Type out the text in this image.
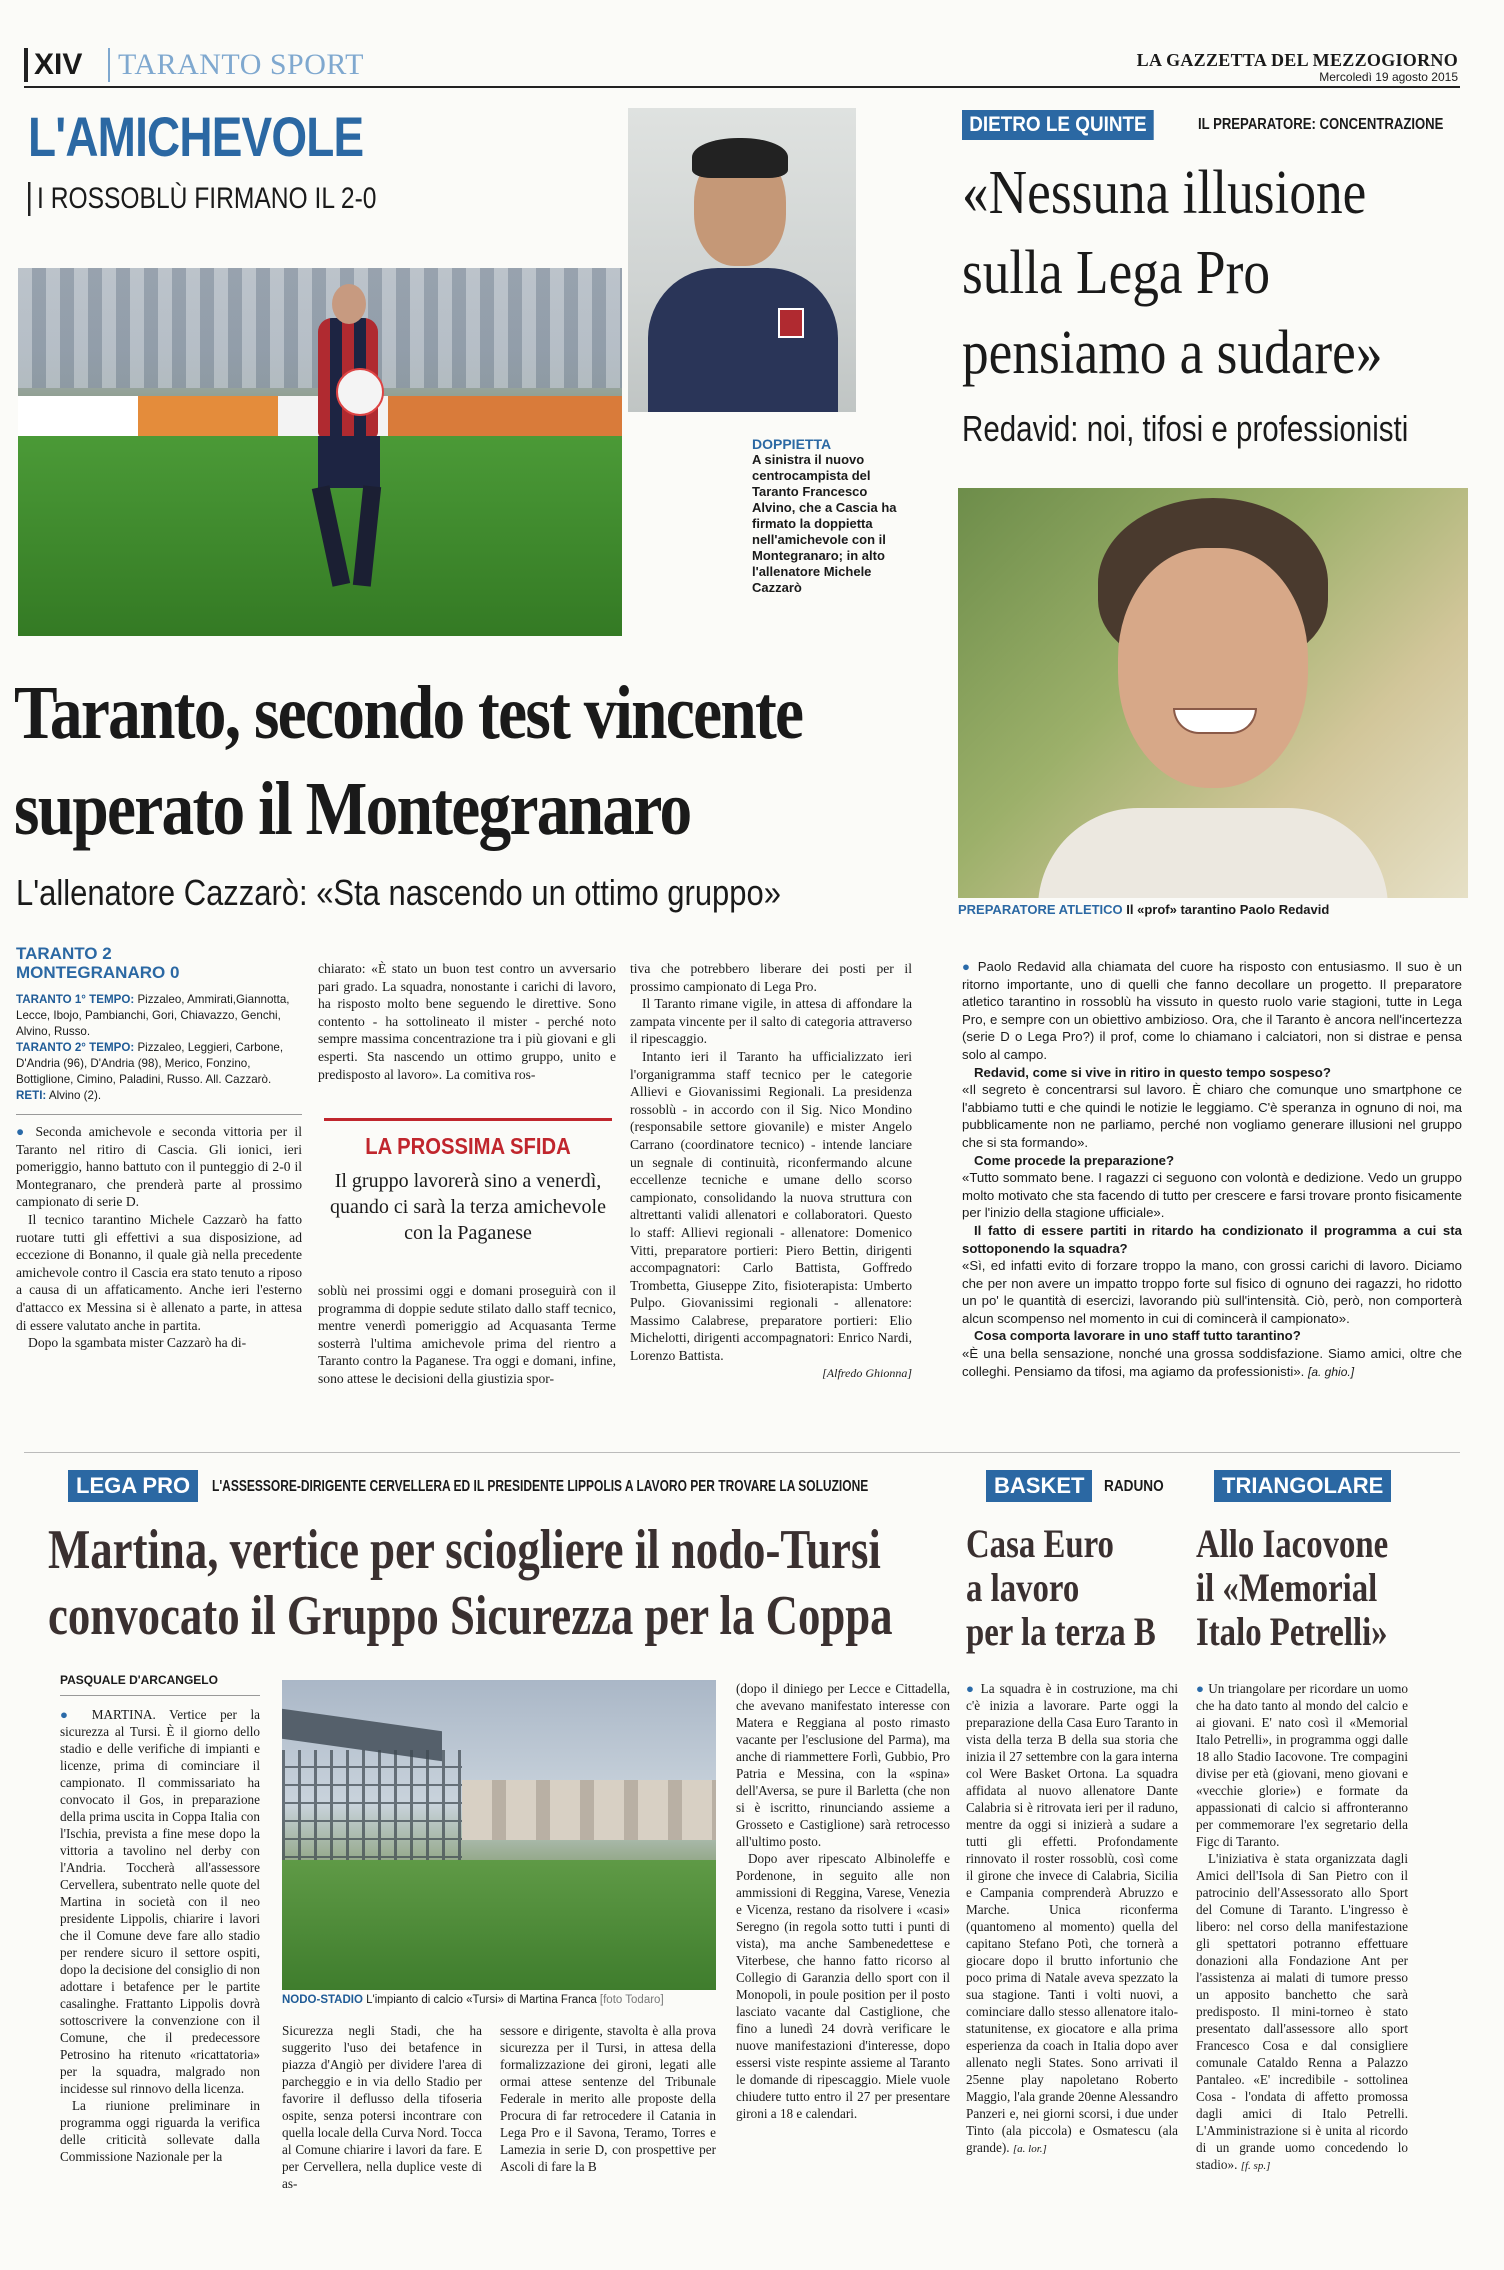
XIV	TARANTO SPORT	LA GAZZETTA DEL MEZZOGIORNO
Mercoledì 19 agosto 2015
L'AMICHEVOLE
I ROSSOBLÙ FIRMANO IL 2-0
DOPPIETTA
A sinistra il nuovo centrocampista del Taranto Francesco Alvino, che a Cascia ha firmato la doppietta nell'amichevole con il Montegranaro; in alto l'allenatore Michele Cazzarò
Taranto, secondo test vincente
superato il Montegranaro
L'allenatore Cazzarò: «Sta nascendo un ottimo gruppo»
TARANTO 2
MONTEGRANARO 0
TARANTO 1° TEMPO: Pizzaleo, Ammirati,Giannotta, Lecce, Ibojo, Pambianchi, Gori, Chiavazzo, Genchi, Alvino, Russo.
TARANTO 2° TEMPO: Pizzaleo, Leggieri, Carbone, D'Andria (96), D'Andria (98), Merico, Fonzino, Bottiglione, Cimino, Paladini, Russo. All. Cazzarò.
RETI: Alvino (2).

● Seconda amichevole e seconda vittoria per il Taranto nel ritiro di Cascia. Gli ionici, ieri pomeriggio, hanno battuto con il punteggio di 2-0 il Montegranaro, che prenderà parte al prossimo campionato di serie D.

Il tecnico tarantino Michele Cazzarò ha fatto ruotare tutti gli effettivi a sua disposizione, ad eccezione di Bonanno, il quale già nella precedente amichevole contro il Cascia era stato tenuto a riposo a causa di un affaticamento. Anche ieri l'esterno d'attacco ex Messina si è allenato a parte, in attesa di essere valutato anche in partita.

Dopo la sgambata mister Cazzarò ha di-

chiarato: «È stato un buon test contro un avversario pari grado. La squadra, nonostante i carichi di lavoro, ha risposto molto bene seguendo le direttive. Sono contento - ha sottolineato il mister - perché noto sempre massima concentrazione tra i più giovani e gli esperti. Sta nascendo un ottimo gruppo, unito e predisposto al lavoro». La comitiva ros-

LA PROSSIMA SFIDA
Il gruppo lavorerà sino a venerdì, quando ci sarà la terza amichevole con la Paganese

soblù nei prossimi oggi e domani proseguirà con il programma di doppie sedute stilato dallo staff tecnico, mentre venerdì pomeriggio ad Acquasanta Terme sosterrà l'ultima amichevole prima del rientro a Taranto contro la Paganese. Tra oggi e domani, infine, sono attese le decisioni della giustizia spor-

tiva che potrebbero liberare dei posti per il prossimo campionato di Lega Pro.

Il Taranto rimane vigile, in attesa di affondare la zampata vincente per il salto di categoria attraverso il ripescaggio.

Intanto ieri il Taranto ha ufficializzato ieri l'organigramma staff tecnico per le categorie Allievi e Giovanissimi Regionali. La presidenza rossoblù - in accordo con il Sig. Nico Mondino (responsabile settore giovanile) e mister Angelo Carrano (coordinatore tecnico) - intende lanciare un segnale di continuità, riconfermando alcune eccellenze tecniche e umane dello scorso campionato, consolidando la nuova struttura con altrettanti validi allenatori e collaboratori. Questo lo staff: Allievi regionali - allenatore: Domenico Vitti, preparatore portieri: Piero Bettin, dirigenti accompagnatori: Carlo Battista, Goffredo Trombetta, Giuseppe Zito, fisioterapista: Umberto Pulpo. Giovanissimi regionali - allenatore: Massimo Calabrese, preparatore portieri: Elio Michelotti, dirigenti accompagnatori: Enrico Nardi, Lorenzo Battista.

[Alfredo Ghionna]

DIETRO LE QUINTE	IL PREPARATORE: CONCENTRAZIONE
«Nessuna illusione
sulla Lega Pro
pensiamo a sudare»
Redavid: noi, tifosi e professionisti
PREPARATORE ATLETICO Il «prof» tarantino Paolo Redavid

● Paolo Redavid alla chiamata del cuore ha risposto con entusiasmo. Il suo è un ritorno importante, uno di quelli che fanno decollare un progetto. Il preparatore atletico tarantino in rossoblù ha vissuto in questo ruolo varie stagioni, tutte in Lega Pro, e sempre con un obiettivo ambizioso. Ora, che il Taranto è ancora nell'incertezza (serie D o Lega Pro?) il prof, come lo chiamano i calciatori, non si distrae e pensa solo al campo.

Redavid, come si vive in ritiro in questo tempo sospeso?

«Il segreto è concentrarsi sul lavoro. È chiaro che comunque uno smartphone ce l'abbiamo tutti e che quindi le notizie le leggiamo. C'è speranza in ognuno di noi, ma pubblicamente non ne parliamo, perché non vogliamo generare illusioni nel gruppo che si sta formando».

Come procede la preparazione?

«Tutto sommato bene. I ragazzi ci seguono con volontà e dedizione. Vedo un gruppo molto motivato che sta facendo di tutto per crescere e farsi trovare pronto fisicamente per l'inizio della stagione ufficiale».

Il fatto di essere partiti in ritardo ha condizionato il programma a cui sta sottoponendo la squadra?

«Sì, ed infatti evito di forzare troppo la mano, con grossi carichi di lavoro. Diciamo che per non avere un impatto troppo forte sul fisico di ognuno dei ragazzi, ho ridotto un po' le quantità di esercizi, lavorando più sull'intensità. Ciò, però, non comporterà alcun scompenso nel momento in cui di comincerà il campionato».

Cosa comporta lavorare in uno staff tutto tarantino?

«È una bella sensazione, nonché una grossa soddisfazione. Siamo amici, oltre che colleghi. Pensiamo da tifosi, ma agiamo da professionisti». [a. ghio.]

LEGA PRO	L'ASSESSORE-DIRIGENTE CERVELLERA ED IL PRESIDENTE LIPPOLIS A LAVORO PER TROVARE LA SOLUZIONE
Martina, vertice per sciogliere il nodo-Tursi
convocato il Gruppo Sicurezza per la Coppa
PASQUALE D'ARCANGELO

● MARTINA. Vertice per la sicurezza al Tursi. È il giorno dello stadio e delle verifiche di impianti e licenze, prima di cominciare il campionato. Il commissariato ha convocato il Gos, in preparazione della prima uscita in Coppa Italia con l'Ischia, prevista a fine mese dopo la vittoria a tavolino nel derby con l'Andria. Toccherà all'assessore Cervellera, subentrato nelle quote del Martina in società con il neo presidente Lippolis, chiarire i lavori che il Comune deve fare allo stadio per rendere sicuro il settore ospiti, dopo la decisione del consiglio di non adottare i betafence per le partite casalinghe. Frattanto Lippolis dovrà sottoscrivere la convenzione con il Comune, che il predecessore Petrosino ha ritenuto «ricattatoria» per la squadra, malgrado non incidesse sul rinnovo della licenza.

La riunione preliminare in programma oggi riguarda la verifica delle criticità sollevate dalla Commissione Nazionale per la

NODO-STADIO L'impianto di calcio «Tursi» di Martina Franca [foto Todaro]

Sicurezza negli Stadi, che ha suggerito l'uso dei betafence in piazza d'Angiò per dividere l'area di parcheggio e in via dello Stadio per favorire il deflusso della tifoseria ospite, senza potersi incontrare con quella locale della Curva Nord. Tocca al Comune chiarire i lavori da fare. E per Cervellera, nella duplice veste di as-

sessore e dirigente, stavolta è alla prova sicurezza per il Tursi, in attesa della formalizzazione dei gironi, legati alle ormai attese sentenze del Tribunale Federale in merito alle proposte della Procura di far retrocedere il Catania in Lega Pro e il Savona, Teramo, Torres e Lamezia in serie D, con prospettive per Ascoli di fare la B

(dopo il diniego per Lecce e Cittadella, che avevano manifestato interesse con Matera e Reggiana al posto rimasto vacante per l'esclusione del Parma), ma anche di riammettere Forlì, Gubbio, Pro Patria e Messina, con la «spina» dell'Aversa, se pure il Barletta (che non si è iscritto, rinunciando assieme a Grosseto e Castiglione) sarà retrocesso all'ultimo posto.

Dopo aver ripescato Albinoleffe e Pordenone, in seguito alle non ammissioni di Reggina, Varese, Venezia e Vicenza, restano da risolvere i «casi» Seregno (in regola sotto tutti i punti di vista), ma anche Sambenedettese e Viterbese, che hanno fatto ricorso al Collegio di Garanzia dello sport con il Monopoli, in poule position per il posto lasciato vacante dal Castiglione, che fino a lunedì 24 dovrà verificare le nuove manifestazioni d'interesse, dopo essersi viste respinte assieme al Taranto le domande di ripescaggio. Miele vuole chiudere tutto entro il 27 per presentare gironi a 18 e calendari.

BASKET	RADUNO
Casa Euro
a lavoro
per la terza B

● La squadra è in costruzione, ma chi c'è inizia a lavorare. Parte oggi la preparazione della Casa Euro Taranto in vista della terza B della sua storia che inizia il 27 settembre con la gara interna col Were Basket Ortona. La squadra affidata al nuovo allenatore Dante Calabria si è ritrovata ieri per il raduno, mentre da oggi si inizierà a sudare a tutti gli effetti. Profondamente rinnovato il roster rossoblù, così come il girone che invece di Calabria, Sicilia e Campania comprenderà Abruzzo e Marche. Unica riconferma (quantomeno al momento) quella del capitano Stefano Potì, che tornerà a giocare dopo il brutto infortunio che poco prima di Natale aveva spezzato la sua stagione. Tanti i volti nuovi, a cominciare dallo stesso allenatore italo-statunitense, ex giocatore e alla prima esperienza da coach in Italia dopo aver allenato negli States. Sono arrivati il 25enne play napoletano Roberto Maggio, l'ala grande 20enne Alessandro Panzeri e, nei giorni scorsi, i due under Tinto (ala piccola) e Osmatescu (ala grande). [a. lor.]

TRIANGOLARE
Allo Iacovone
il «Memorial
Italo Petrelli»

● Un triangolare per ricordare un uomo che ha dato tanto al mondo del calcio e ai giovani. E' nato così il «Memorial Italo Petrelli», in programma oggi dalle 18 allo Stadio Iacovone. Tre compagini divise per età (giovani, meno giovani e «vecchie glorie») e formate da appassionati di calcio si affronteranno per commemorare l'ex segretario della Figc di Taranto.

L'iniziativa è stata organizzata dagli Amici dell'Isola di San Pietro con il patrocinio dell'Assessorato allo Sport del Comune di Taranto. L'ingresso è libero: nel corso della manifestazione gli spettatori potranno effettuare donazioni alla Fondazione Ant per l'assistenza ai malati di tumore presso un apposito banchetto che sarà predisposto. Il mini-torneo è stato presentato dall'assessore allo sport Francesco Cosa e dal consigliere comunale Cataldo Renna a Palazzo Pantaleo. «E' incredibile - sottolinea Cosa - l'ondata di affetto promossa dagli amici di Italo Petrelli. L'Amministrazione si è unita al ricordo di un grande uomo concedendo lo stadio». [f. sp.]
